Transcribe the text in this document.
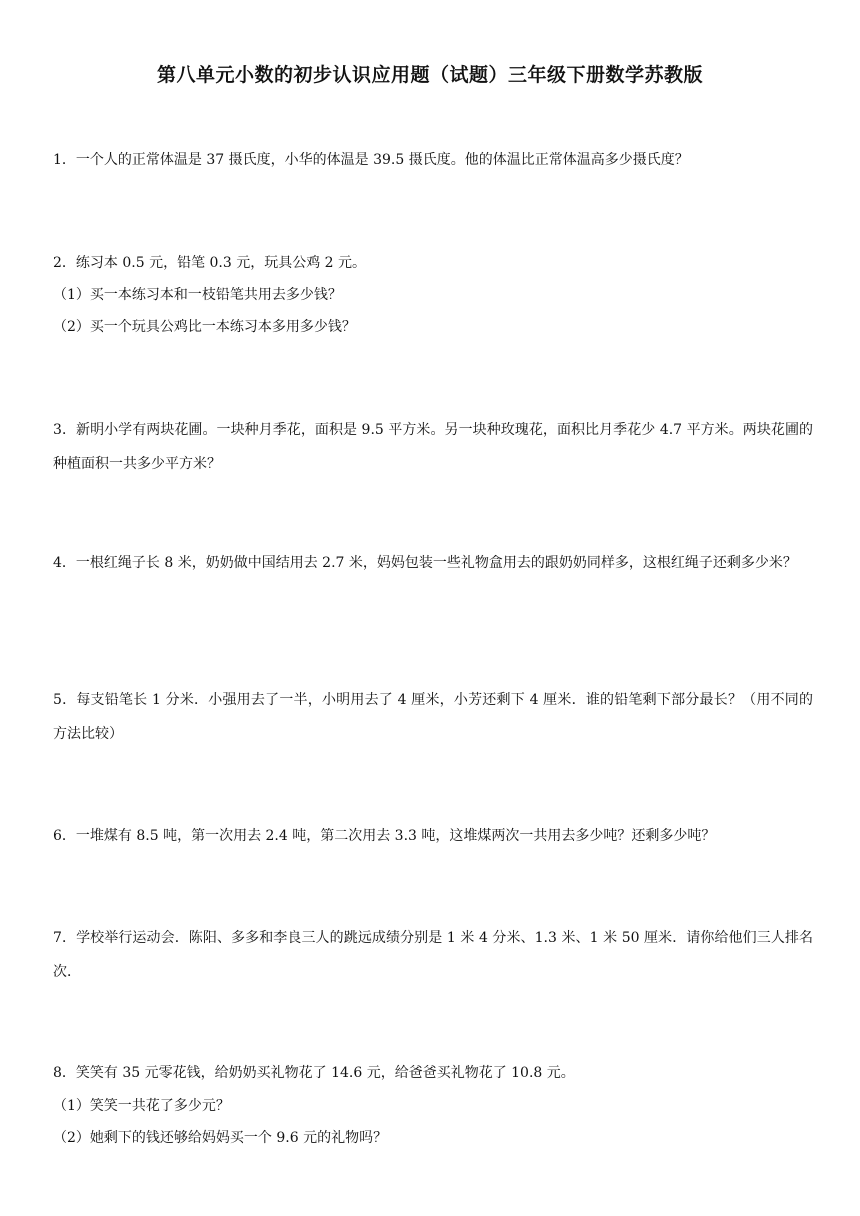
第八单元小数的初步认识应用题（试题）三年级下册数学苏教版
1．一个人的正常体温是 37 摄氏度，小华的体温是 39.5 摄氏度。他的体温比正常体温高多少摄氏度？
2．练习本 0.5 元，铅笔 0.3 元，玩具公鸡 2 元。
（1）买一本练习本和一枝铅笔共用去多少钱？
（2）买一个玩具公鸡比一本练习本多用多少钱？
3．新明小学有两块花圃。一块种月季花，面积是 9.5 平方米。另一块种玫瑰花，面积比月季花少 4.7 平方米。两块花圃的种植面积一共多少平方米？
4．一根红绳子长 8 米，奶奶做中国结用去 2.7 米，妈妈包装一些礼物盒用去的跟奶奶同样多，这根红绳子还剩多少米？
5．每支铅笔长 1 分米．小强用去了一半，小明用去了 4 厘米，小芳还剩下 4 厘米．谁的铅笔剩下部分最长？（用不同的方法比较）
6．一堆煤有 8.5 吨，第一次用去 2.4 吨，第二次用去 3.3 吨，这堆煤两次一共用去多少吨？还剩多少吨？
7．学校举行运动会．陈阳、多多和李良三人的跳远成绩分别是 1 米 4 分米、1.3 米、1 米 50 厘米．请你给他们三人排名次．
8．笑笑有 35 元零花钱，给奶奶买礼物花了 14.6 元，给爸爸买礼物花了 10.8 元。
（1）笑笑一共花了多少元？
（2）她剩下的钱还够给妈妈买一个 9.6 元的礼物吗？
